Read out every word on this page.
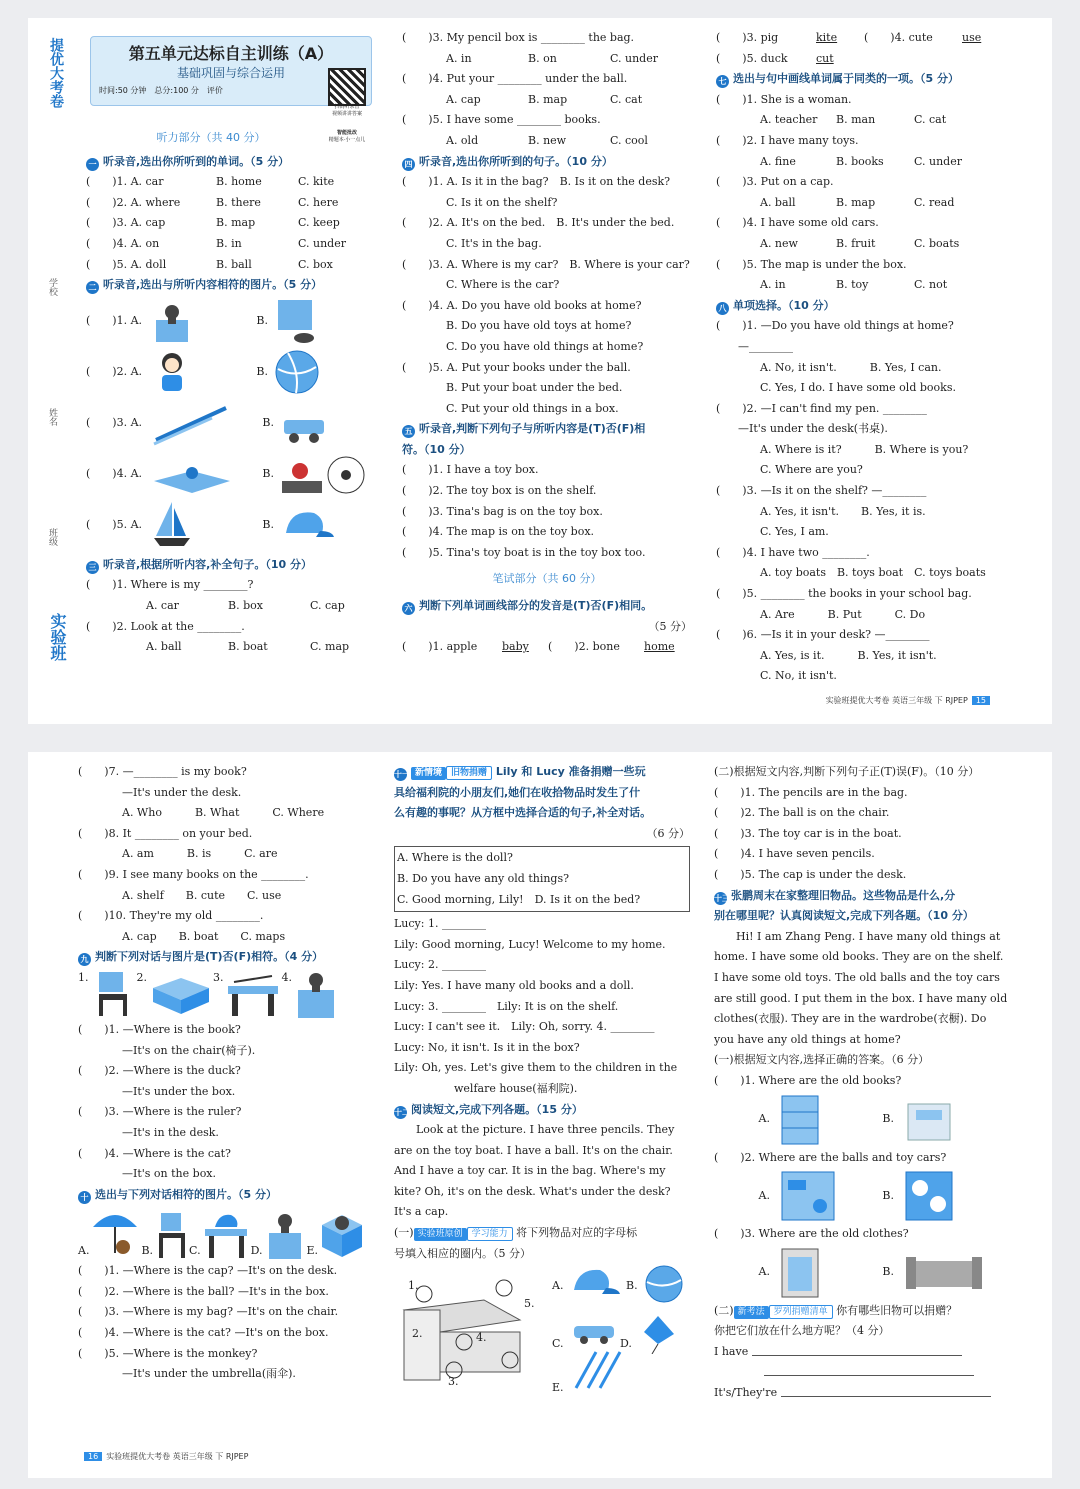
提优大考卷
学校
姓名
班级
实验班
第五单元达标自主训练（A）
基础巩固与综合运用
时间:50 分钟　总分:100 分　评价
扫码听录音
视频讲讲答案
智能批改
精题本·小一点儿
听力部分（共 40 分）
一 听录音,选出你所听到的单词。（5 分）
(　　)1. A. car	B. home	C. kite
(　　)2. A. where	B. there	C. here
(　　)3. A. cap	B. map	C. keep
(　　)4. A. on	B. in	C. under
(　　)5. A. doll	B. ball	C. box
二 听录音,选出与所听内容相符的图片。（5 分）
(　　)1. A.	B.
(　　)2. A.	B.
(　　)3. A.	B.
(　　)4. A.	B.
(　　)5. A.	B.
三 听录音,根据所听内容,补全句子。（10 分）
(　　)1. Where is my ________?
A. car	B. box	C. cap
(　　)2. Look at the ________.
A. ball	B. boat	C. map
(　　)3. My pencil box is ________ the bag.
A. in	B. on	C. under
(　　)4. Put your ________ under the ball.
A. cap	B. map	C. cat
(　　)5. I have some ________ books.
A. old	B. new	C. cool
四 听录音,选出你所听到的句子。（10 分）
(　　)1. A. Is it in the bag?　B. Is it on the desk?
C. Is it on the shelf?
(　　)2. A. It's on the bed.　B. It's under the bed.
C. It's in the bag.
(　　)3. A. Where is my car?　B. Where is your car?
C. Where is the car?
(　　)4. A. Do you have old books at home?
B. Do you have old toys at home?
C. Do you have old things at home?
(　　)5. A. Put your books under the ball.
B. Put your boat under the bed.
C. Put your old things in a box.
五 听录音,判断下列句子与所听内容是(T)否(F)相
符。（10 分）
(　　)1. I have a toy box.
(　　)2. The toy box is on the shelf.
(　　)3. Tina's bag is on the toy box.
(　　)4. The map is on the toy box.
(　　)5. Tina's toy boat is in the toy box too.
笔试部分（共 60 分）
六 判断下列单词画线部分的发音是(T)否(F)相同。
（5 分）
(　　)1. apple baby (　　)2. bone home
(　　)3. pig	kite (　　)4. cute	use
(　　)5. duck	cut
七 选出与句中画线单词属于同类的一项。（5 分）
(　　)1. She is a woman.
A. teacher B. man	C. cat
(　　)2. I have many toys.
A. fine	B. books	C. under
(　　)3. Put on a cap.
A. ball	B. map	C. read
(　　)4. I have some old cars.
A. new	B. fruit	C. boats
(　　)5. The map is under the box.
A. in	B. toy	C. not
八 单项选择。（10 分）
(　　)1. —Do you have old things at home?
—________
A. No, it isn't.　　　B. Yes, I can.
C. Yes, I do. I have some old books.
(　　)2. —I can't find my pen. ________
—It's under the desk(书桌).
A. Where is it?　　　B. Where is you?
C. Where are you?
(　　)3. —Is it on the shelf? —________
A. Yes, it isn't.　　B. Yes, it is.
C. Yes, I am.
(　　)4. I have two ________.
A. toy boats　B. toys boat　C. toys boats
(　　)5. ________ the books in your school bag.
A. Are　　　B. Put　　　C. Do
(　　)6. —Is it in your desk? —________
A. Yes, is it.　　　B. Yes, it isn't.
C. No, it isn't.
实验班提优大考卷 英语三年级 下 RJPEP 15
(　　)7. —________ is my book?
—It's under the desk.
A. Who　　　B. What　　　C. Where
(　　)8. It ________ on your bed.
A. am　　　B. is　　　C. are
(　　)9. I see many books on the ________.
A. shelf　　B. cute　　C. use
(　　)10. They're my old ________.
A. cap　　B. boat　　C. maps
九 判断下列对话与图片是(T)否(F)相符。（4 分）
1.	2.	3.	4.
(　　)1. —Where is the book?
—It's on the chair(椅子).
(　　)2. —Where is the duck?
—It's under the box.
(　　)3. —Where is the ruler?
—It's in the desk.
(　　)4. —Where is the cat?
—It's on the box.
十 选出与下列对话相符的图片。（5 分）
A.	B.	C.	D.	E.
(　　)1. —Where is the cap? —It's on the desk.
(　　)2. —Where is the ball? —It's in the box.
(　　)3. —Where is my bag? —It's on the chair.
(　　)4. —Where is the cat? —It's on the box.
(　　)5. —Where is the monkey?
—It's under the umbrella(雨伞).
十一 新情境 旧物捐赠 Lily 和 Lucy 准备捐赠一些玩
具给福利院的小朋友们,她们在收拾物品时发生了什
么有趣的事呢？从方框中选择合适的句子,补全对话。
（6 分）
A. Where is the doll?
B. Do you have any old things?
C. Good morning, Lily!　D. Is it on the bed?
Lucy: 1. ________
Lily: Good morning, Lucy! Welcome to my home.
Lucy: 2. ________
Lily: Yes. I have many old books and a doll.
Lucy: 3. ________　Lily: It is on the shelf.
Lucy: I can't see it.　Lily: Oh, sorry. 4. ________
Lucy: No, it isn't. Is it in the box?
Lily: Oh, yes. Let's give them to the children in the
welfare house(福利院).
十二阅读短文,完成下列各题。（15 分）
Look at the picture. I have three pencils. They
are on the toy boat. I have a ball. It's on the chair.
And I have a toy car. It is in the bag. Where's my
kite? Oh, it's on the desk. What's under the desk?
It's a cap.
(一) 实验班原创 学习能力 将下列物品对应的字母标
号填入相应的圈内。（5 分）
1.
2.
3.
4.
5.
A.	B.
C.	D.
E.
(二)根据短文内容,判断下列句子正(T)误(F)。（10 分）
(　　)1. The pencils are in the bag.
(　　)2. The ball is on the chair.
(　　)3. The toy car is in the boat.
(　　)4. I have seven pencils.
(　　)5. The cap is under the desk.
十三张鹏周末在家整理旧物品。这些物品是什么,分
别在哪里呢？认真阅读短文,完成下列各题。（10 分）
Hi! I am Zhang Peng. I have many old things at
home. I have some old books. They are on the shelf.
I have some old toys. The old balls and the toy cars
are still good. I put them in the box. I have many old
clothes(衣服). They are in the wardrobe(衣橱). Do
you have any old things at home?
(一)根据短文内容,选择正确的答案。（6 分）
(　　)1. Where are the old books?
A.	B.
(　　)2. Where are the balls and toy cars?
A.	B.
(　　)3. Where are the old clothes?
A.	B.
(二) 新考法 罗列捐赠清单 你有哪些旧物可以捐赠？
你把它们放在什么地方呢？（4 分）
I have
It's/They're
16 实验班提优大考卷 英语三年级 下 RJPEP
